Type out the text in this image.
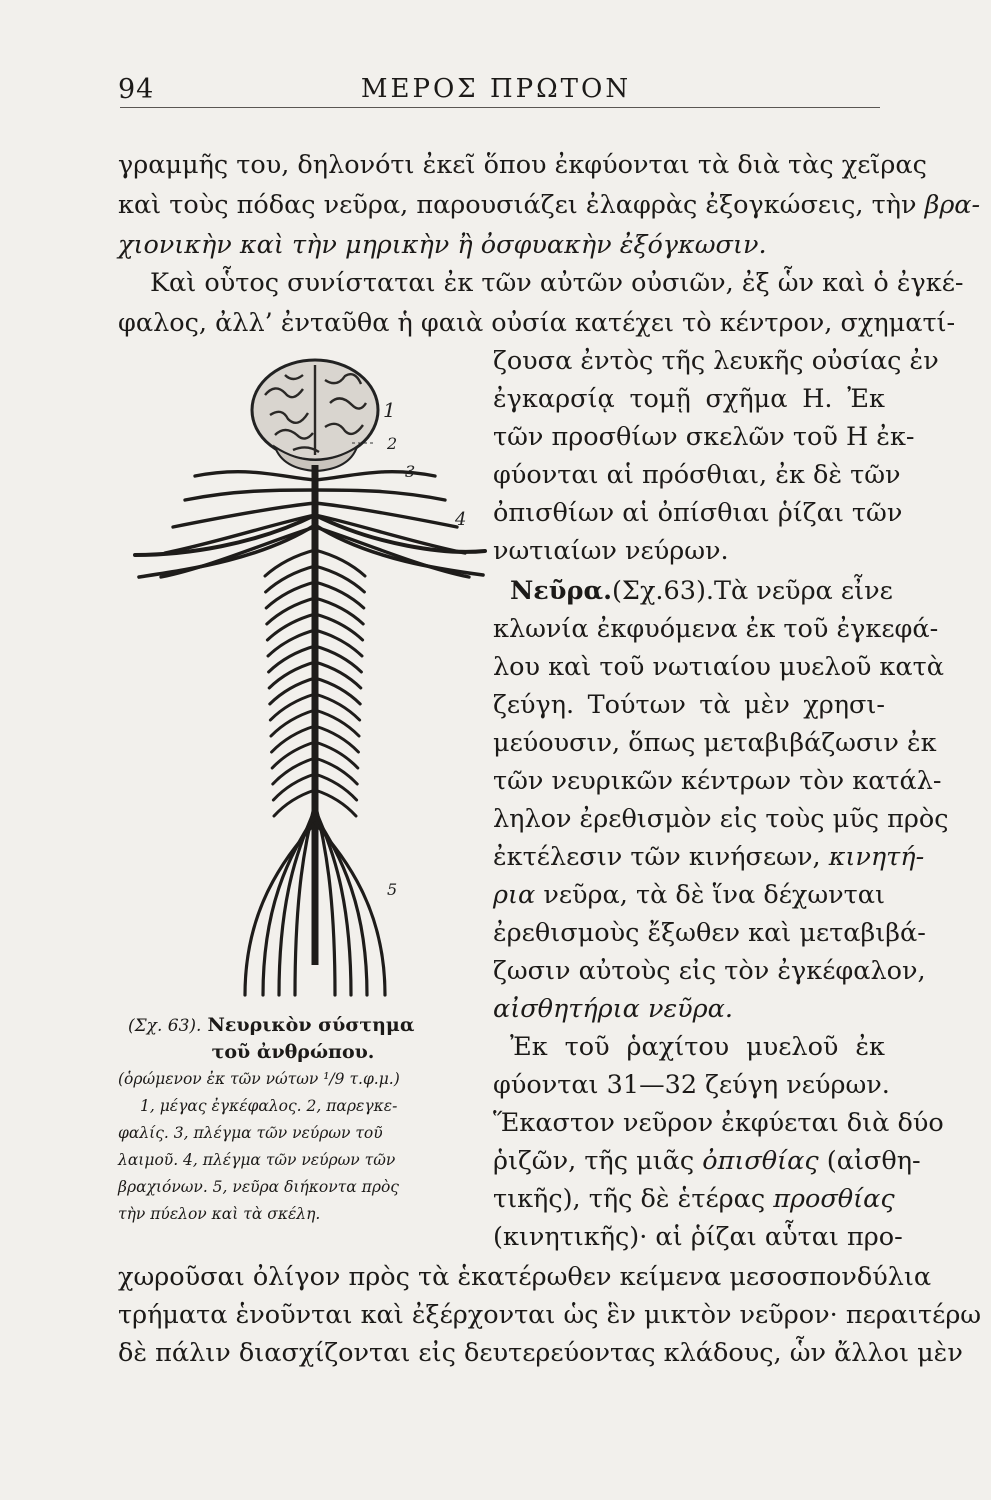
94	ΜΕΡΟΣ ΠΡΩΤΟΝ
γραμμῆς του, δηλονότι ἐκεῖ ὅπου ἐκφύονται τὰ διὰ τὰς χεῖρας
καὶ τοὺς πόδας νεῦρα, παρουσιάζει ἐλαφρὰς ἐξογκώσεις, τὴν βρα-
χιονικὴν καὶ τὴν μηρικὴν ἢ ὀσφυακὴν ἐξόγκωσιν.
Καὶ οὗτος συνίσταται ἐκ τῶν αὐτῶν οὐσιῶν, ἐξ ὧν καὶ ὁ ἐγκέ-
φαλος, ἀλλ’ ἐνταῦθα ἡ φαιὰ οὐσία κατέχει τὸ κέντρον, σχηματί-
ζουσα ἐντὸς τῆς λευκῆς οὐσίας ἐν
ἐγκαρσίᾳ τομῇ σχῆμα Η. Ἐκ
τῶν προσθίων σκελῶν τοῦ Η ἐκ-
φύονται αἱ πρόσθιαι, ἐκ δὲ τῶν
ὀπισθίων αἱ ὀπίσθιαι ῥίζαι τῶν
νωτιαίων νεύρων.
Νεῦρα.(Σχ.63).Τὰ νεῦρα εἶνε
κλωνία ἐκφυόμενα ἐκ τοῦ ἐγκεφά-
λου καὶ τοῦ νωτιαίου μυελοῦ κατὰ
ζεύγη. Τούτων τὰ μὲν χρησι-
μεύουσιν, ὅπως μεταβιβάζωσιν ἐκ
τῶν νευρικῶν κέντρων τὸν κατάλ-
ληλον ἐρεθισμὸν εἰς τοὺς μῦς πρὸς
ἐκτέλεσιν τῶν κινήσεων, κινητή-
ρια νεῦρα, τὰ δὲ ἵνα δέχωνται
ἐρεθισμοὺς ἔξωθεν καὶ μεταβιβά-
ζωσιν αὐτοὺς εἰς τὸν ἐγκέφαλον,
αἰσθητήρια νεῦρα.
Ἐκ τοῦ ῥαχίτου μυελοῦ ἐκ
φύονται 31—32 ζεύγη νεύρων.
Ἕκαστον νεῦρον ἐκφύεται διὰ δύο
ῥιζῶν, τῆς μιᾶς ὀπισθίας (αἰσθη-
τικῆς), τῆς δὲ ἑτέρας προσθίας
(κινητικῆς)· αἱ ῥίζαι αὗται προ-
χωροῦσαι ὀλίγον πρὸς τὰ ἑκατέρωθεν κείμενα μεσοσπονδύλια
τρήματα ἑνοῦνται καὶ ἐξέρχονται ὡς ἓν μικτὸν νεῦρον· περαιτέρω
δὲ πάλιν διασχίζονται εἰς δευτερεύοντας κλάδους, ὧν ἄλλοι μὲν
1
2
3
4
5
(Σχ. 63). Νευρικὸν σύστημα
τοῦ ἀνθρώπου.
(ὁρώμενον ἐκ τῶν νώτων ¹/9 τ.φ.μ.)
1, μέγας ἐγκέφαλος. 2, παρεγκε-
φαλίς. 3, πλέγμα τῶν νεύρων τοῦ
λαιμοῦ. 4, πλέγμα τῶν νεύρων τῶν
βραχιόνων. 5, νεῦρα διήκοντα πρὸς
τὴν πύελον καὶ τὰ σκέλη.
